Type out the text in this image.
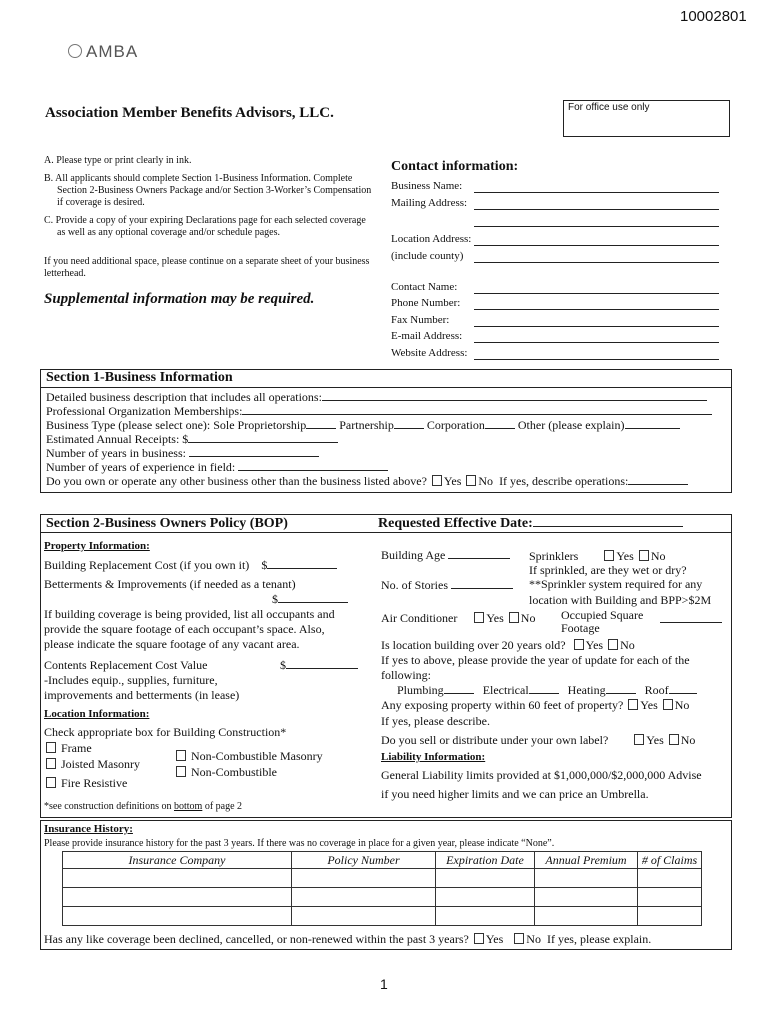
10002801
AMBA
Association Member Benefits Advisors, LLC.	For office use only
A. Please type or print clearly in ink.
B. All applicants should complete Section 1-Business Information. Complete
Section 2-Business Owners Package and/or Section 3-Worker’s Compensation
if coverage is desired.
C. Provide a copy of your expiring Declarations page for each selected coverage
as well as any optional coverage and/or schedule pages.
If you need additional space, please continue on a separate sheet of your business
letterhead.
Supplemental information may be required.
Contact information:
Business Name:
Mailing Address:
Location Address:
(include county)
Contact Name:
Phone Number:
Fax Number:
E-mail Address:
Website Address:
Section 1-Business Information
Detailed business description that includes all operations:
Professional Organization Memberships:
Business Type (please select one): Sole Proprietorship	Partnership	Corporation	Other (please explain)
Estimated Annual Receipts: $
Number of years in business:
Number of years of experience in field:
Do you own or operate any other business other than the business listed above? Yes No If yes, describe operations:
Section 2-Business Owners Policy (BOP)	Requested Effective Date:
Property Information:
Building Replacement Cost (if you own it) $
Betterments & Improvements (if needed as a tenant)
$
If building coverage is being provided, list all occupants and
provide the square footage of each occupant’s space. Also,
please indicate the square footage of any vacant area.
Contents Replacement Cost Value	$
-Includes equip., supplies, furniture,
improvements and betterments (in lease)
Location Information:
Check appropriate box for Building Construction*
Frame
Joisted Masonry
Fire Resistive
Non-Combustible Masonry
Non-Combustible
*see construction definitions on bottom of page 2
Building Age
No. of Stories
Sprinklers	Yes No
If sprinkled, are they wet or dry?
**Sprinkler system required for any
location with Building and BPP>$2M
Air Conditioner Yes No Occupied Square
Footage
Is location building over 20 years old? Yes No
If yes to above, please provide the year of update for each of the
following:
Plumbing	Electrical	Heating	Roof
Any exposing property within 60 feet of property? Yes No
If yes, please describe.
Do you sell or distribute under your own label?	Yes No
Liability Information:
General Liability limits provided at $1,000,000/$2,000,000 Advise
if you need higher limits and we can price an Umbrella.
Insurance History:
Please provide insurance history for the past 3 years. If there was no coverage in place for a given year, please indicate “None”.
Insurance Company	Policy Number	Expiration Date	Annual Premium	# of Claims

Has any like coverage been declined, cancelled, or non-renewed within the past 3 years? Yes No If yes, please explain.
1
